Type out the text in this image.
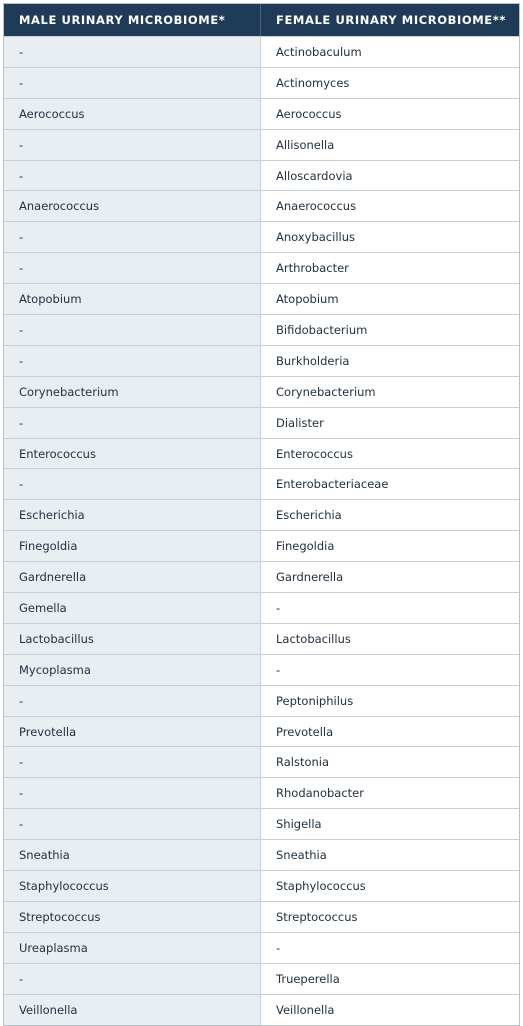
MALE URINARY MICROBIOME*	FEMALE URINARY MICROBIOME**
-	Actinobaculum
-	Actinomyces
Aerococcus	Aerococcus
-	Allisonella
-	Alloscardovia
Anaerococcus	Anaerococcus
-	Anoxybacillus
-	Arthrobacter
Atopobium	Atopobium
-	Bifidobacterium
-	Burkholderia
Corynebacterium	Corynebacterium
-	Dialister
Enterococcus	Enterococcus
-	Enterobacteriaceae
Escherichia	Escherichia
Finegoldia	Finegoldia
Gardnerella	Gardnerella
Gemella	-
Lactobacillus	Lactobacillus
Mycoplasma	-
-	Peptoniphilus
Prevotella	Prevotella
-	Ralstonia
-	Rhodanobacter
-	Shigella
Sneathia	Sneathia
Staphylococcus	Staphylococcus
Streptococcus	Streptococcus
Ureaplasma	-
-	Trueperella
Veillonella	Veillonella
